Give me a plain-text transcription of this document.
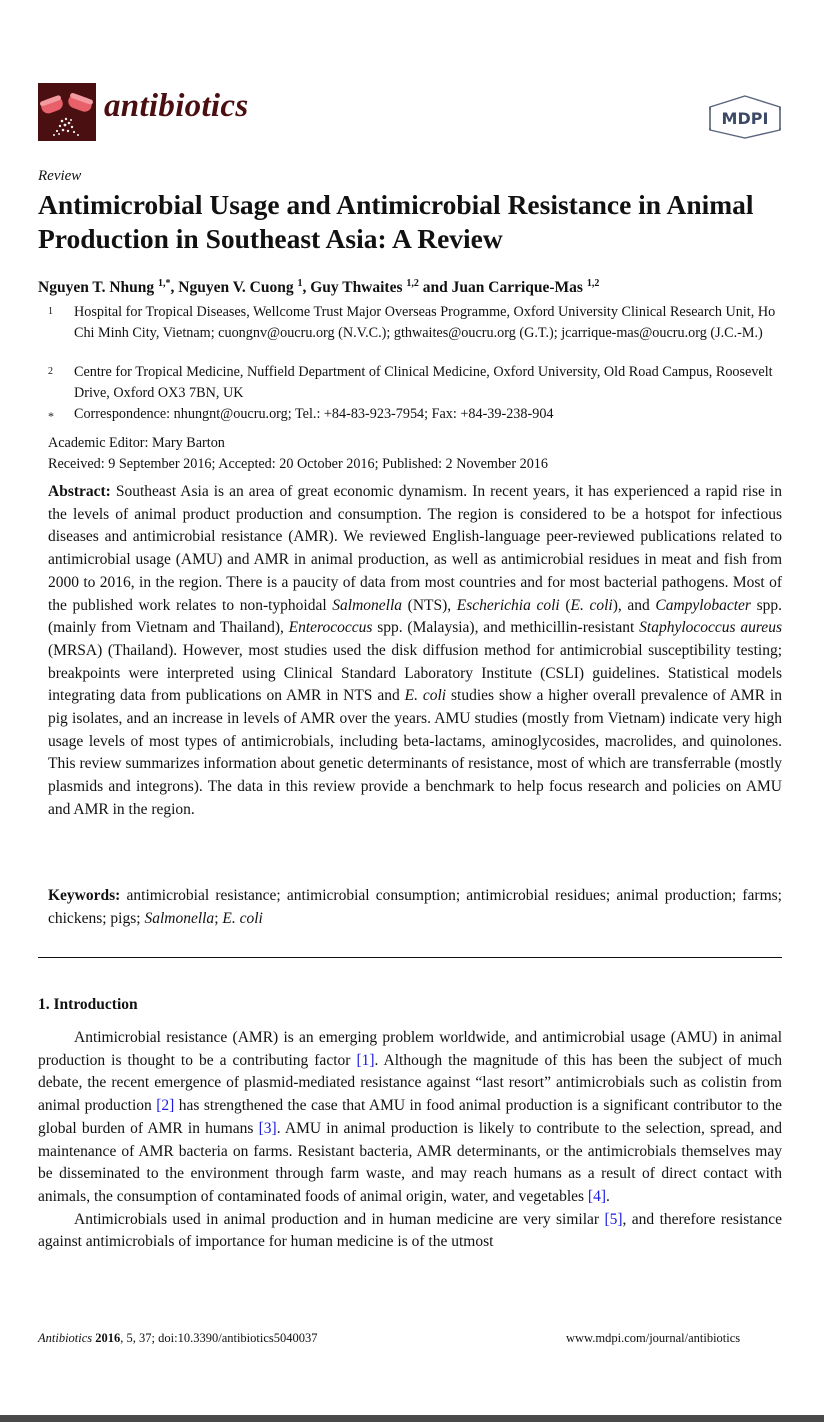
antibiotics	MDPI
Review
Antimicrobial Usage and Antimicrobial Resistance in Animal Production in Southeast Asia: A Review
Nguyen T. Nhung $^{1,*}$, Nguyen V. Cuong $^1$, Guy Thwaites $^{1,2}$ and Juan Carrique-Mas $^{1,2}$
1 Hospital for Tropical Diseases, Wellcome Trust Major Overseas Programme, Oxford University Clinical Research Unit, Ho Chi Minh City, Vietnam; cuongnv@oucru.org (N.V.C.); gthwaites@oucru.org (G.T.); jcarrique-mas@oucru.org (J.C.-M.)
2 Centre for Tropical Medicine, Nuffield Department of Clinical Medicine, Oxford University, Old Road Campus, Roosevelt Drive, Oxford OX3 7BN, UK
* Correspondence: nhungnt@oucru.org; Tel.: +84-83-923-7954; Fax: +84-39-238-904
Academic Editor: Mary Barton
Received: 9 September 2016; Accepted: 20 October 2016; Published: 2 November 2016
Abstract: Southeast Asia is an area of great economic dynamism. In recent years, it has experienced a rapid rise in the levels of animal product production and consumption. The region is considered to be a hotspot for infectious diseases and antimicrobial resistance (AMR). We reviewed English-language peer-reviewed publications related to antimicrobial usage (AMU) and AMR in animal production, as well as antimicrobial residues in meat and fish from 2000 to 2016, in the region. There is a paucity of data from most countries and for most bacterial pathogens. Most of the published work relates to non-typhoidal Salmonella (NTS), Escherichia coli (E. coli), and Campylobacter spp. (mainly from Vietnam and Thailand), Enterococcus spp. (Malaysia), and methicillin-resistant Staphylococcus aureus (MRSA) (Thailand). However, most studies used the disk diffusion method for antimicrobial susceptibility testing; breakpoints were interpreted using Clinical Standard Laboratory Institute (CSLI) guidelines. Statistical models integrating data from publications on AMR in NTS and E. coli studies show a higher overall prevalence of AMR in pig isolates, and an increase in levels of AMR over the years. AMU studies (mostly from Vietnam) indicate very high usage levels of most types of antimicrobials, including beta-lactams, aminoglycosides, macrolides, and quinolones. This review summarizes information about genetic determinants of resistance, most of which are transferrable (mostly plasmids and integrons). The data in this review provide a benchmark to help focus research and policies on AMU and AMR in the region.
Keywords: antimicrobial resistance; antimicrobial consumption; antimicrobial residues; animal production; farms; chickens; pigs; Salmonella; E. coli
1. Introduction

Antimicrobial resistance (AMR) is an emerging problem worldwide, and antimicrobial usage (AMU) in animal production is thought to be a contributing factor [1]. Although the magnitude of this has been the subject of much debate, the recent emergence of plasmid-mediated resistance against “last resort” antimicrobials such as colistin from animal production [2] has strengthened the case that AMU in food animal production is a significant contributor to the global burden of AMR in humans [3]. AMU in animal production is likely to contribute to the selection, spread, and maintenance of AMR bacteria on farms. Resistant bacteria, AMR determinants, or the antimicrobials themselves may be disseminated to the environment through farm waste, and may reach humans as a result of direct contact with animals, the consumption of contaminated foods of animal origin, water, and vegetables [4].

Antimicrobials used in animal production and in human medicine are very similar [5], and therefore resistance against antimicrobials of importance for human medicine is of the utmost

Antibiotics 2016, 5, 37; doi:10.3390/antibiotics5040037	www.mdpi.com/journal/antibiotics
